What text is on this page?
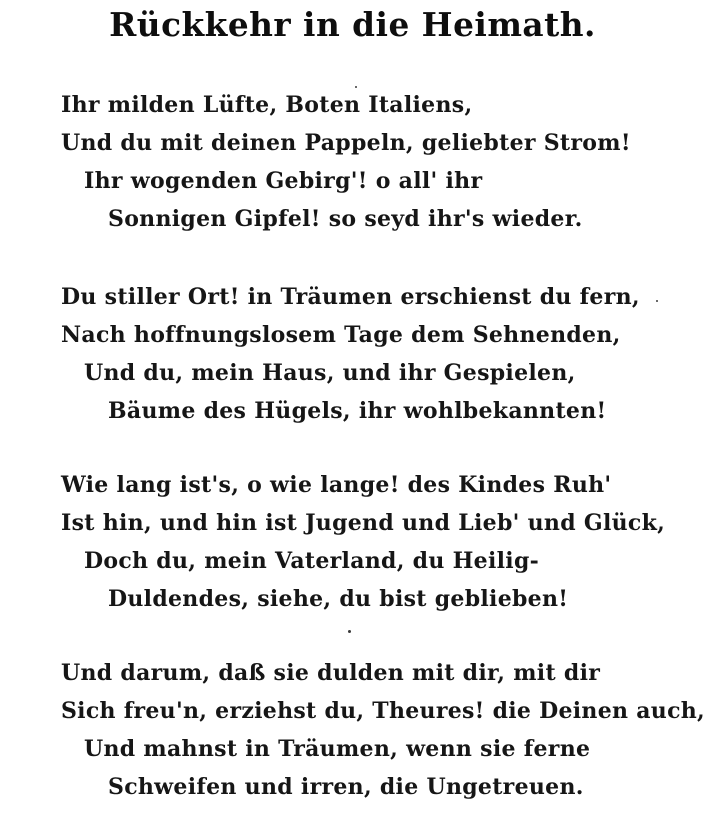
Rückkehr in die Heimath.
Ihr milden Lüfte, Boten Italiens,
Und du mit deinen Pappeln, geliebter Strom!
Ihr wogenden Gebirg'! o all' ihr
Sonnigen Gipfel! so seyd ihr's wieder.
Du stiller Ort! in Träumen erschienst du fern,
Nach hoffnungslosem Tage dem Sehnenden,
Und du, mein Haus, und ihr Gespielen,
Bäume des Hügels, ihr wohlbekannten!
Wie lang ist's, o wie lange! des Kindes Ruh'
Ist hin, und hin ist Jugend und Lieb' und Glück,
Doch du, mein Vaterland, du Heilig-
Duldendes, siehe, du bist geblieben!
Und darum, daß sie dulden mit dir, mit dir
Sich freu'n, erziehst du, Theures! die Deinen auch,
Und mahnst in Träumen, wenn sie ferne
Schweifen und irren, die Ungetreuen.
